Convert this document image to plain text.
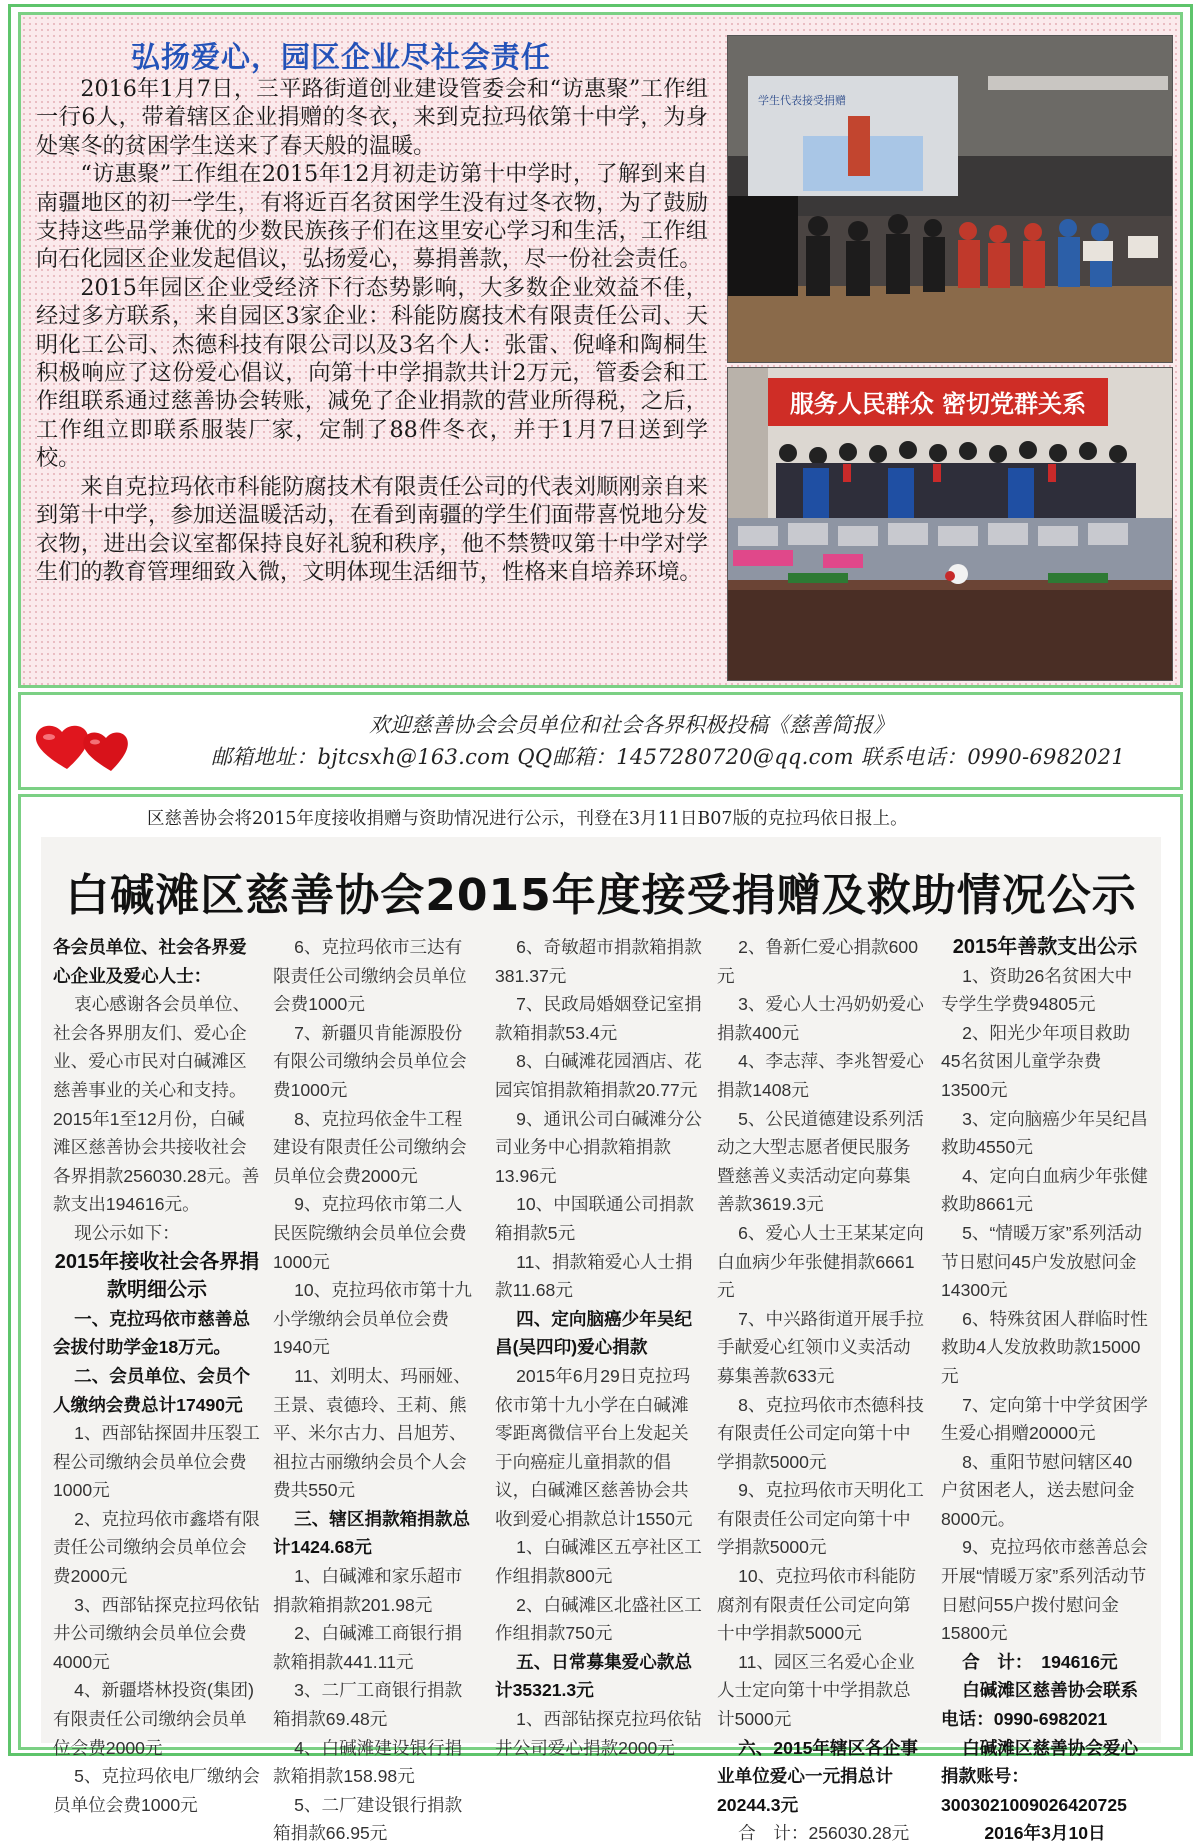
弘扬爱心，园区企业尽社会责任

2016年1月7日，三平路街道创业建设管委会和“访惠聚”工作组一行6人，带着辖区企业捐赠的冬衣，来到克拉玛依第十中学，为身处寒冬的贫困学生送来了春天般的温暖。

“访惠聚”工作组在2015年12月初走访第十中学时，了解到来自南疆地区的初一学生，有将近百名贫困学生没有过冬衣物，为了鼓励支持这些品学兼优的少数民族孩子们在这里安心学习和生活，工作组向石化园区企业发起倡议，弘扬爱心，募捐善款，尽一份社会责任。

2015年园区企业受经济下行态势影响，大多数企业效益不佳，经过多方联系，来自园区3家企业：科能防腐技术有限责任公司、天明化工公司、杰德科技有限公司以及3名个人：张雷、倪峰和陶桐生积极响应了这份爱心倡议，向第十中学捐款共计2万元，管委会和工作组联系通过慈善协会转账，减免了企业捐款的营业所得税，之后，工作组立即联系服装厂家，定制了88件冬衣，并于1月7日送到学校。

来自克拉玛依市科能防腐技术有限责任公司的代表刘顺刚亲自来到第十中学，参加送温暖活动，在看到南疆的学生们面带喜悦地分发衣物，进出会议室都保持良好礼貌和秩序，他不禁赞叹第十中学对学生们的教育管理细致入微，文明体现生活细节，性格来自培养环境。

学生代表接受捐赠
服务人民群众 密切党群关系
欢迎慈善协会会员单位和社会各界积极投稿《慈善简报》
邮箱地址：bjtcsxh@163.com QQ邮箱：1457280720@qq.com 联系电话：0990-6982021
区慈善协会将2015年度接收捐赠与资助情况进行公示，刊登在3月11日B07版的克拉玛依日报上。
白碱滩区慈善协会2015年度接受捐赠及救助情况公示
各会员单位、社会各界爱心企业及爱心人士：
衷心感谢各会员单位、社会各界朋友们、爱心企业、爱心市民对白碱滩区慈善事业的关心和支持。2015年1至12月份，白碱滩区慈善协会共接收社会各界捐款256030.28元。善款支出194616元。
现公示如下：
2015年接收社会各界捐款明细公示
一、克拉玛依市慈善总会拔付助学金18万元。
二、会员单位、会员个人缴纳会费总计17490元
1、西部钻探固井压裂工程公司缴纳会员单位会费1000元
2、克拉玛依市鑫塔有限责任公司缴纳会员单位会费2000元
3、西部钻探克拉玛依钻井公司缴纳会员单位会费4000元
4、新疆塔林投资(集团)有限责任公司缴纳会员单位会费2000元
5、克拉玛依电厂缴纳会员单位会费1000元
6、克拉玛依市三达有限责任公司缴纳会员单位会费1000元
7、新疆贝肯能源股份有限公司缴纳会员单位会费1000元
8、克拉玛依金牛工程建设有限责任公司缴纳会员单位会费2000元
9、克拉玛依市第二人民医院缴纳会员单位会费1000元
10、克拉玛依市第十九小学缴纳会员单位会费1940元
11、刘明太、玛丽娅、王景、袁德玲、王莉、熊平、米尔古力、吕旭芳、祖拉古丽缴纳会员个人会费共550元
三、辖区捐款箱捐款总计1424.68元
1、白碱滩和家乐超市捐款箱捐款201.98元
2、白碱滩工商银行捐款箱捐款441.11元
3、二厂工商银行捐款箱捐款69.48元
4、白碱滩建设银行捐款箱捐款158.98元
5、二厂建设银行捐款箱捐款66.95元
6、奇敏超市捐款箱捐款381.37元
7、民政局婚姻登记室捐款箱捐款53.4元
8、白碱滩花园酒店、花园宾馆捐款箱捐款20.77元
9、通讯公司白碱滩分公司业务中心捐款箱捐款13.96元
10、中国联通公司捐款箱捐款5元
11、捐款箱爱心人士捐款11.68元
四、定向脑癌少年吴纪昌(吴四印)爱心捐款
2015年6月29日克拉玛依市第十九小学在白碱滩零距离微信平台上发起关于向癌症儿童捐款的倡议，白碱滩区慈善协会共收到爱心捐款总计1550元
1、白碱滩区五亭社区工作组捐款800元
2、白碱滩区北盛社区工作组捐款750元
五、日常募集爱心款总计35321.3元
1、西部钻探克拉玛依钻井公司爱心捐款2000元
2、鲁新仁爱心捐款600元
3、爱心人士冯奶奶爱心捐款400元
4、李志萍、李兆智爱心捐款1408元
5、公民道德建设系列活动之大型志愿者便民服务暨慈善义卖活动定向募集善款3619.3元
6、爱心人士王某某定向白血病少年张健捐款6661元
7、中兴路街道开展手拉手献爱心红领巾义卖活动募集善款633元
8、克拉玛依市杰德科技有限责任公司定向第十中学捐款5000元
9、克拉玛依市天明化工有限责任公司定向第十中学捐款5000元
10、克拉玛依市科能防腐剂有限责任公司定向第十中学捐款5000元
11、园区三名爱心企业人士定向第十中学捐款总计5000元
六、2015年辖区各企事业单位爱心一元捐总计20244.3元
合　计：256030.28元
2015年善款支出公示
1、资助26名贫困大中专学生学费94805元
2、阳光少年项目救助45名贫困儿童学杂费13500元
3、定向脑癌少年吴纪昌救助4550元
4、定向白血病少年张健救助8661元
5、“情暖万家”系列活动节日慰问45户发放慰问金14300元
6、特殊贫困人群临时性救助4人发放救助款15000元
7、定向第十中学贫困学生爱心捐赠20000元
8、重阳节慰问辖区40户贫困老人，送去慰问金8000元。
9、克拉玛依市慈善总会开展“情暖万家”系列活动节日慰问55户拨付慰问金15800元
合　计：　194616元
白碱滩区慈善协会联系电话：0990-6982021
白碱滩区慈善协会爱心捐款账号：3003021009026420725
2016年3月10日
